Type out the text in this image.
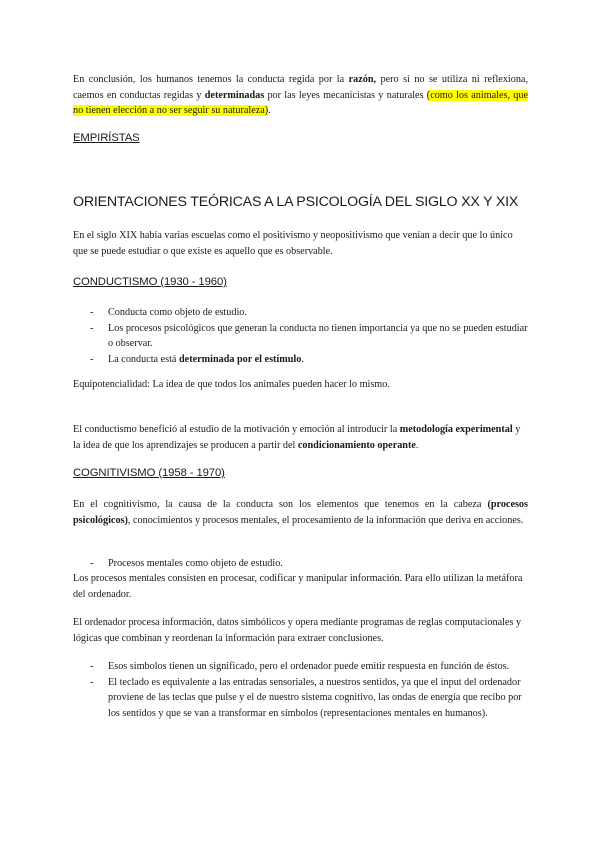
En conclusión, los humanos tenemos la conducta regida por la razón, pero si no se utiliza ni reflexiona, caemos en conductas regidas y determinadas por las leyes mecanicistas y naturales (como los animales, que no tienen elección a no ser seguir su naturaleza).

EMPIRÍSTAS
ORIENTACIONES TEÓRICAS A LA PSICOLOGÍA DEL SIGLO XX Y XIX

En el siglo XIX había varias escuelas como el positivismo y neopositivismo que venían a decir que lo único que se puede estudiar o que existe es aquello que es observable.

CONDUCTISMO (1930 - 1960)
- Conducta como objeto de estudio.
- Los procesos psicológicos que generan la conducta no tienen importancia ya que no se pueden estudiar o observar.
- La conducta está determinada por el estímulo.

Equipotencialidad: La idea de que todos los animales pueden hacer lo mismo.

El conductismo benefició al estudio de la motivación y emoción al introducir la metodología experimental y la idea de que los aprendizajes se producen a partir del condicionamiento operante.

COGNITIVISMO (1958 - 1970)

En el cognitivismo, la causa de la conducta son los elementos que tenemos en la cabeza (procesos psicológicos), conocimientos y procesos mentales, el procesamiento de la información que deriva en acciones.

- Procesos mentales como objeto de estudio.

Los procesos mentales consisten en procesar, codificar y manipular información. Para ello utilizan la metáfora del ordenador.

El ordenador procesa información, datos simbólicos y opera mediante programas de reglas computacionales y lógicas que combinan y reordenan la información para extraer conclusiones.

- Esos símbolos tienen un significado, pero el ordenador puede emitir respuesta en función de éstos.
- El teclado es equivalente a las entradas sensoriales, a nuestros sentidos, ya que el input del ordenador proviene de las teclas que pulse y el de nuestro sistema cognitivo, las ondas de energía que recibo por los sentidos y que se van a transformar en símbolos (representaciones mentales en humanos).
